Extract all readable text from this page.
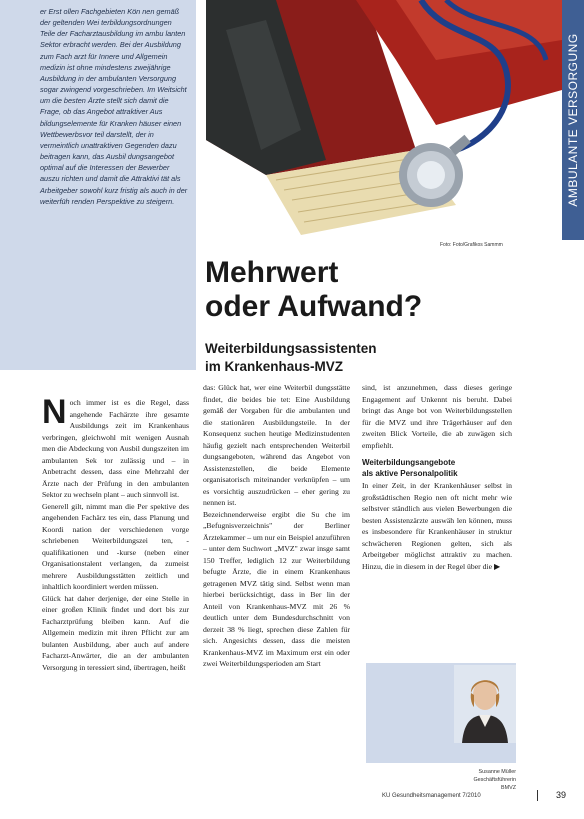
er Erst ollen Fachgebieten Kön nen gemäß der geltenden Wei terbildungsordnungen Teile der Facharztausbildung im ambu lanten Sektor erbracht werden. Bei der Ausbildung zum Fach arzt für Innere und Allgemein medizin ist ohne mindestens zweijährige Ausbildung in der ambulanten Versorgung sogar zwingend vorgeschrieben. Im Weitsicht um die besten Ärzte stellt sich damit die Frage, ob das Angebot attraktiver Aus bildungselemente für Kranken häuser einen Wettbewerbsvor teil darstellt, der in vermeintlich unattraktiven Gegenden dazu beitragen kann, das Ausbil dungsangebot optimal auf die Interessen der Bewerber auszu richten und damit die Attraktivi tät als Arbeitgeber sowohl kurz fristig als auch in der weiterfüh renden Perspektive zu steigern.

Foto: Foto/Grafikos Sammm

AMBULANTE VERSORGUNG
Mehrwert
oder Aufwand?
Weiterbildungsassistenten
im Krankenhaus-MVZ
N och immer ist es die Regel, dass angehende Fachärzte ihre gesamte Ausbildungs zeit im Krankenhaus verbringen, gleichwohl mit wenigen Ausnah men die Abdeckung von Ausbil dungszeiten im ambulanten Sek tor zulässig und – in Anbetracht dessen, dass eine Mehrzahl der Ärzte nach der Prüfung in den ambulanten Sektor zu wechseln plant – auch sinnvoll ist.

Generell gilt, nimmt man die Per spektive des angehenden Fachärz tes ein, dass Planung und Koordi nation der verschiedenen vorge schriebenen Weiterbildungszei ten, -qualifikationen und -kurse (neben einer Organisationstalent verlangen, da zumeist mehrere Ausbildungsstätten zeitlich und inhaltlich koordiniert werden müssen.

Glück hat daher derjenige, der eine Stelle in einer großen Klinik findet und dort bis zur Facharztprüfung bleiben kann. Auf die Allgemein medizin mit ihren Pflicht zur am bulanten Ausbildung, aber auch auf andere Facharzt-Anwärter, die an der ambulanten Versorgung in teressiert sind, übertragen, heißt

das: Glück hat, wer eine Weiterbil dungsstätte findet, die beides bie tet: Eine Ausbildung gemäß der Vorgaben für die ambulanten und die stationären Ausbildungsteile. In der Konsequenz suchen heutige Medizinstudenten häufig gezielt nach entsprechenden Weiterbil dungsangeboten, während das Angebot von Assistenzstellen, die beide Elemente organisatorisch miteinander verknüpfen – um es vorsichtig auszudrücken – eher gering zu nennen ist.

Bezeichnenderweise ergibt die Su che im „Befugnisverzeichnis" der Berliner Ärztekammer – um nur ein Beispiel anzuführen – unter dem Suchwort „MVZ" zwar insge samt 150 Treffer, lediglich 12 zur Weiterbildung befugte Ärzte, die in einem Krankenhaus getragenen MVZ tätig sind. Selbst wenn man hierbei berücksichtigt, dass in Ber lin der Anteil von Krankenhaus-MVZ mit 26 % deutlich unter dem Bundesdurchschnitt von derzeit 38 % liegt, sprechen diese Zahlen für sich. Angesichts dessen, dass die meisten Krankenhaus-MVZ im Maximum erst ein oder zwei Weiterbildungsperioden am Start

sind, ist anzunehmen, dass dieses geringe Engagement auf Unkennt nis beruht. Dabei bringt das Ange bot von Weiterbildungsstellen für die MVZ und ihre Trägerhäuser auf den zweiten Blick Vorteile, die ab zuwägen sich empfiehlt.

Weiterbildungsangebote
als aktive Personalpolitik

In einer Zeit, in der Krankenhäuser selbst in großstädtischen Regio nen oft nicht mehr wie selbstver ständlich aus vielen Bewerbungen die besten Assistenzärzte auswäh len können, muss es insbesondere für Krankenhäuser in struktur schwächeren Regionen gelten, sich als Arbeitgeber möglichst attraktiv zu machen. Hinzu, die in diesem in der Regel über die ▶

Susanne Müller
Geschäftsführerin
BMVZ

KU Gesundheitsmanagement 7/2010	39
